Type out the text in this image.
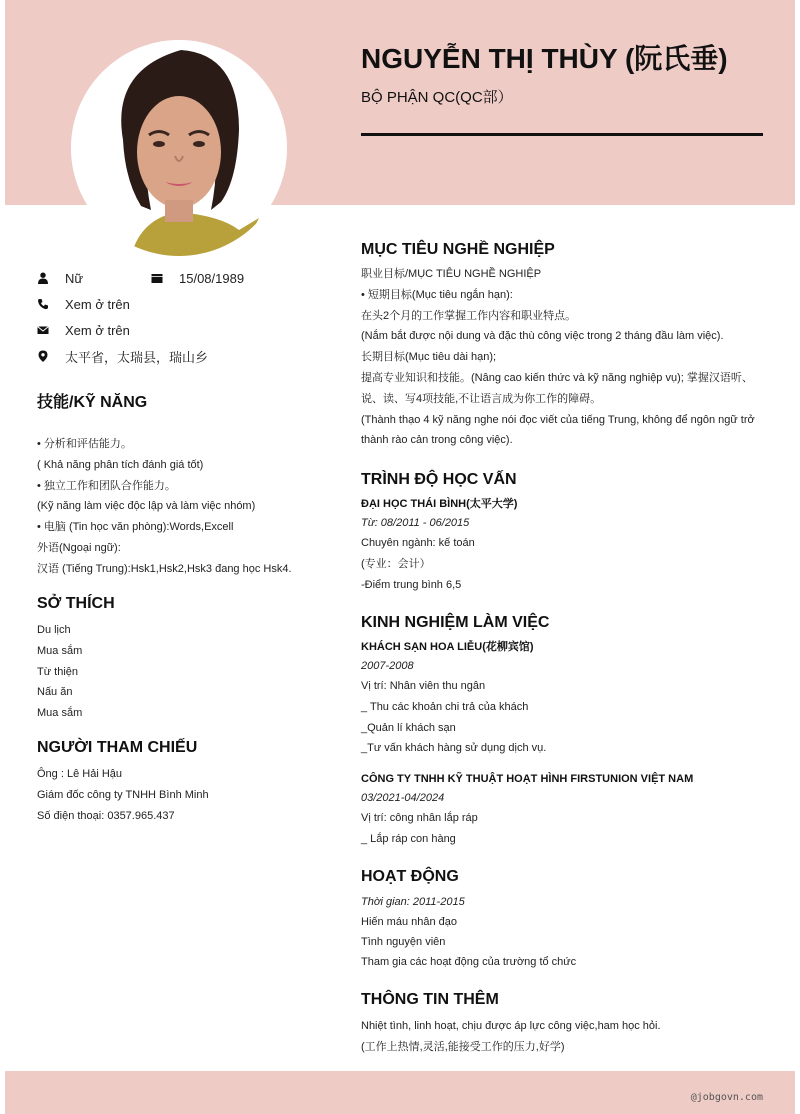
NGUYỄN THỊ THÙY (阮氏垂)
BỘ PHẬN QC(QC部）
Nữ	15/08/1989
Xem ở trên
Xem ở trên
太平省，太瑞县，瑞山乡
技能/KỸ NĂNG
• 分析和评估能力。
( Khả năng phân tích đánh giá tốt)
• 独立工作和团队合作能力。
(Kỹ năng làm việc độc lập và làm việc nhóm)
• 电脑 (Tin học văn phòng):Words,Excell
外语(Ngoại ngữ):
汉语 (Tiếng Trung):Hsk1,Hsk2,Hsk3 đang học Hsk4.
SỞ THÍCH
Du lịch
Mua sắm
Từ thiện
Nấu ăn
Mua sắm
NGƯỜI THAM CHIẾU
Ông : Lê Hải Hậu
Giám đốc công ty TNHH Bình Minh
Số điện thoại: 0357.965.437
MỤC TIÊU NGHỀ NGHIỆP
职业目标/MỤC TIÊU NGHỀ NGHIỆP
• 短期目标(Mục tiêu ngắn hạn):
在头2个月的工作掌握工作内容和职业特点。
(Nắm bắt được nội dung và đặc thù công việc trong 2 tháng đầu làm việc).
长期目标(Mục tiêu dài hạn);
提高专业知识和技能。(Nâng cao kiến thức và kỹ năng nghiệp vụ); 掌握汉语听、
说、读、写4项技能,不让语言成为你工作的障碍。
(Thành thạo 4 kỹ năng nghe nói đọc viết của tiếng Trung, không để ngôn ngữ trở
thành rào cản trong công việc).
TRÌNH ĐỘ HỌC VẤN
ĐẠI HỌC THÁI BÌNH(太平大学)
Từ: 08/2011 - 06/2015
Chuyên ngành: kế toán
(专业：会计）
-Điểm trung bình 6,5
KINH NGHIỆM LÀM VIỆC
KHÁCH SẠN HOA LIỄU(花柳宾馆)
2007-2008
Vị trí: Nhân viên thu ngân
_ Thu các khoản chi trả của khách
_Quản lí khách sạn
_Tư vấn khách hàng sử dụng dịch vụ.
CÔNG TY TNHH KỸ THUẬT HOẠT HÌNH FIRSTUNION VIỆT NAM
03/2021-04/2024
Vị trí: công nhân lắp ráp
_ Lắp ráp con hàng
HOẠT ĐỘNG
Thời gian: 2011-2015
Hiến máu nhân đạo
Tình nguyện viên
Tham gia các hoạt động của trường tổ chức
THÔNG TIN THÊM
Nhiệt tình, linh hoạt, chịu được áp lực công việc,ham học hỏi.
(工作上热情,灵活,能接受工作的压力,好学)
@jobgovn.com
